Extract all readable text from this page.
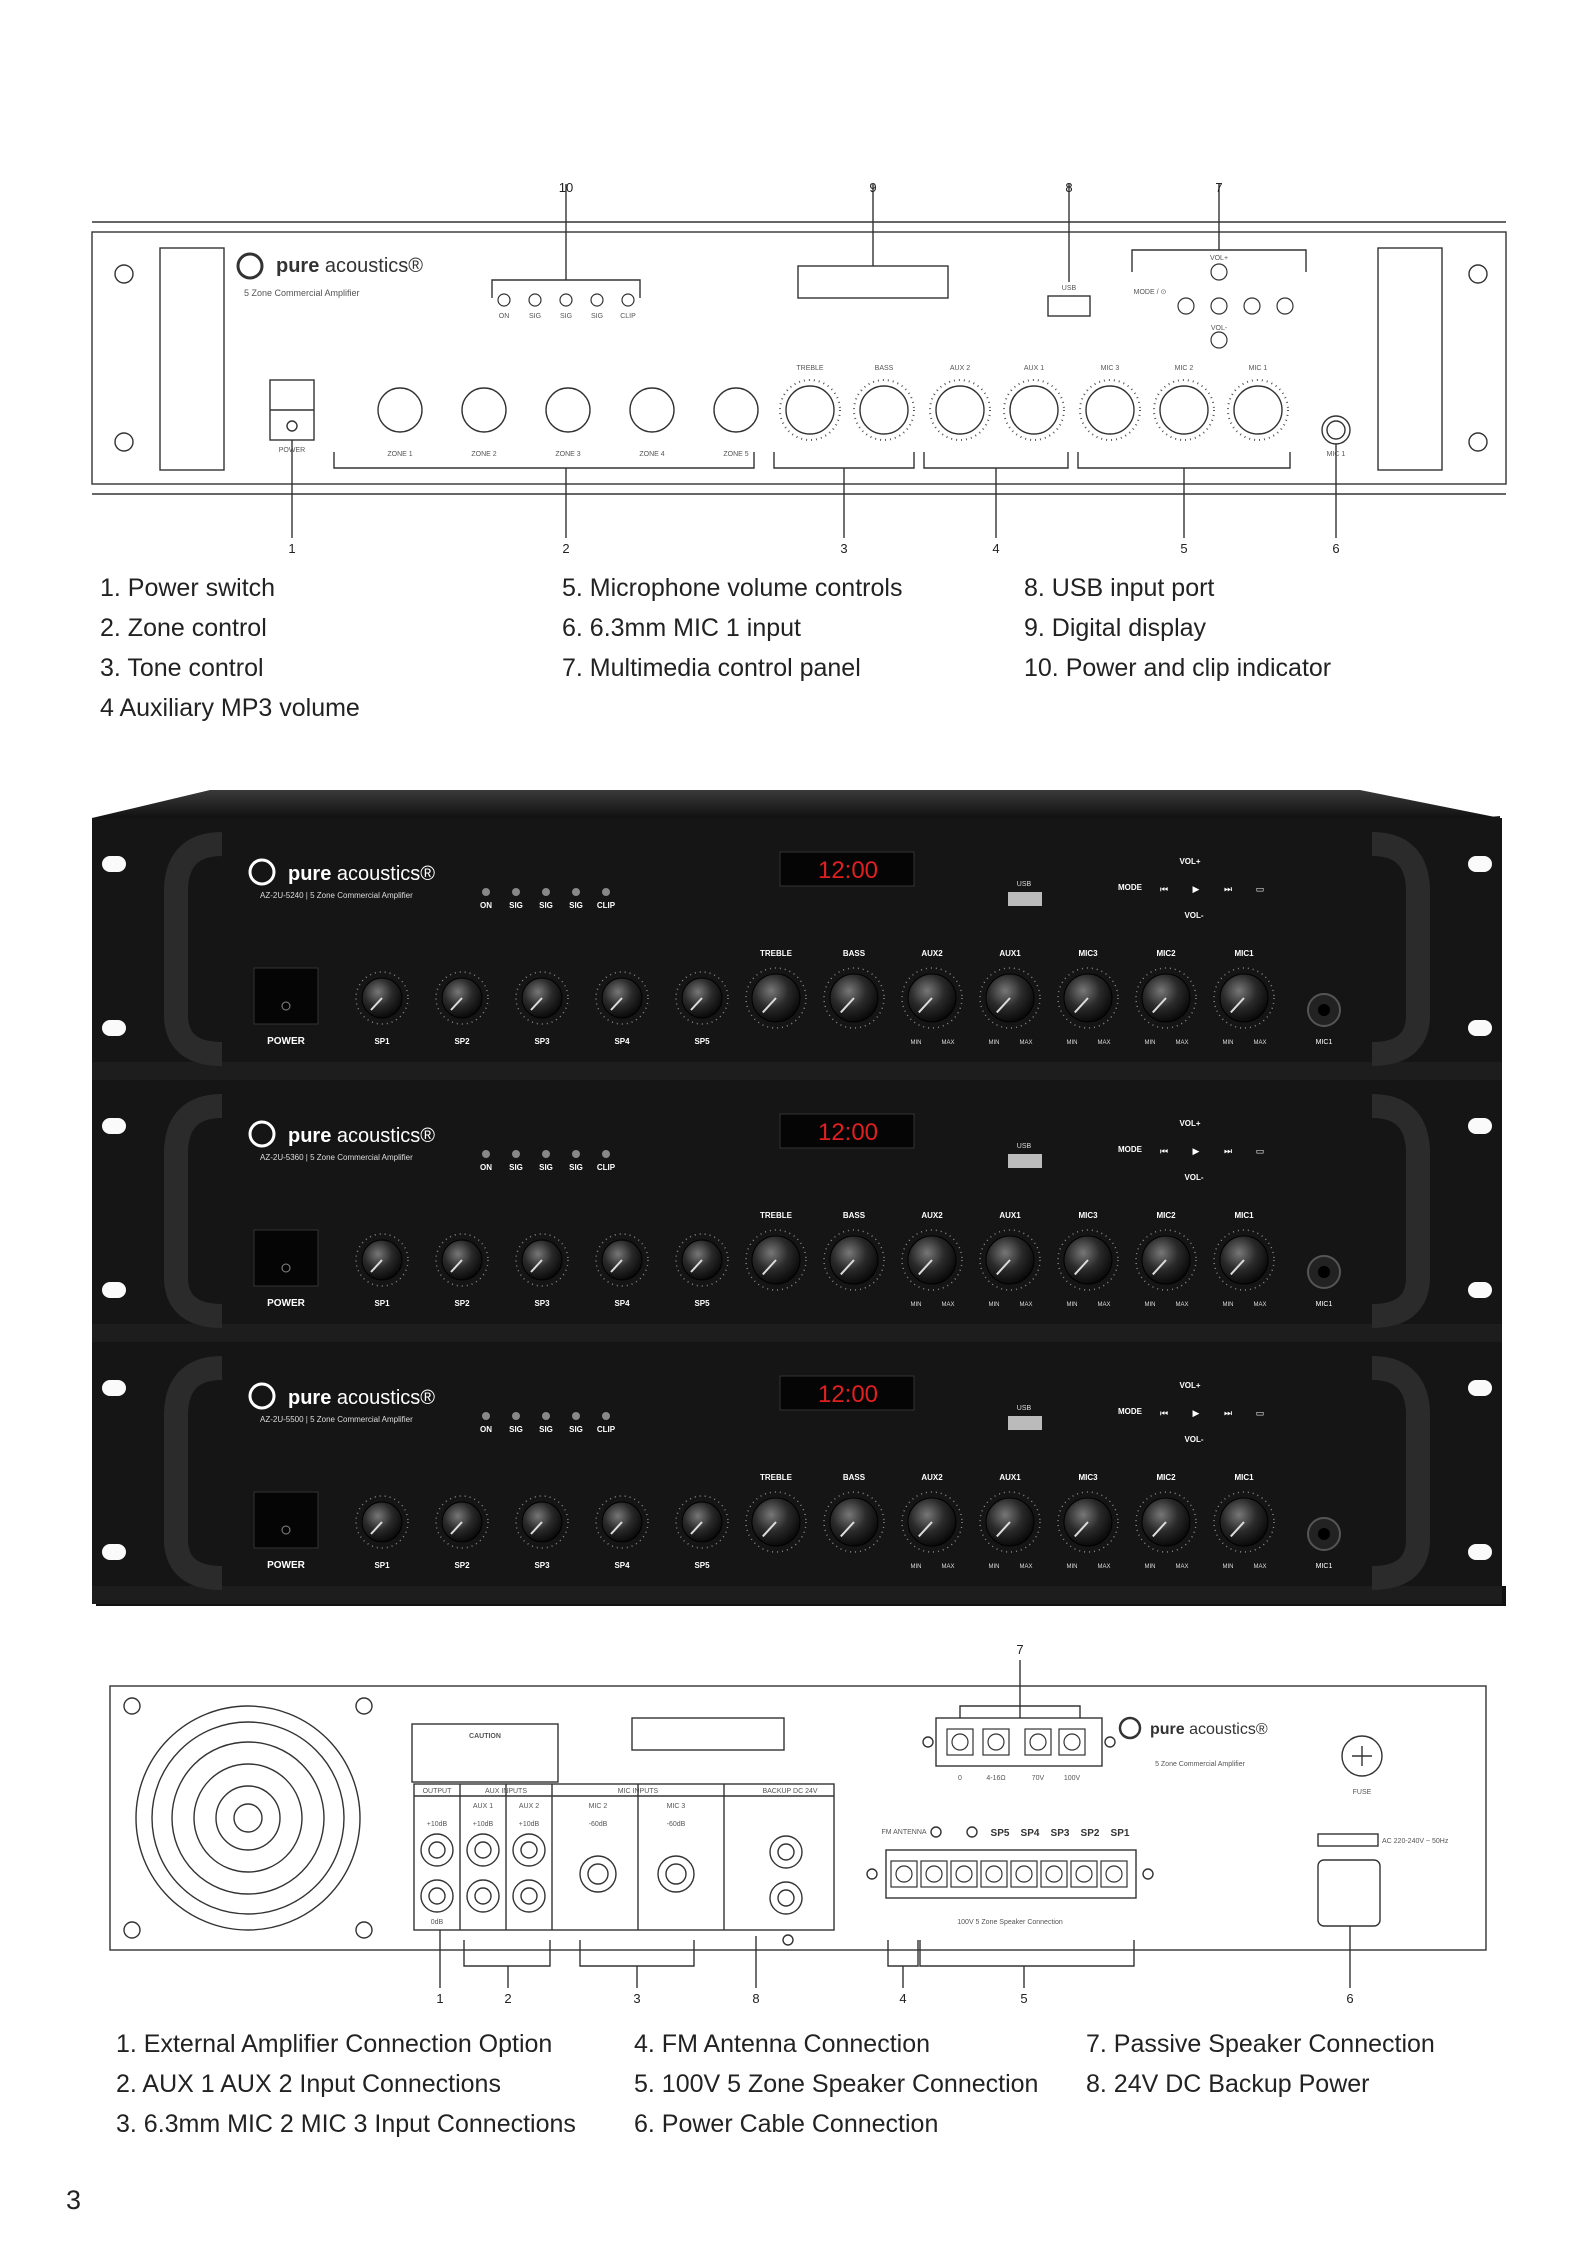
pure acoustics®
5 Zone Commercial Amplifier
10	9	8	7
1	2	3	4	5	6
ON	SIG	SIG	SIG CLIP
USB
MODE / ⊙
VOL+
VOL-
POWER
ZONE 1	ZONE 2	ZONE 3	ZONE 4	ZONE 5
TREBLE	BASS	AUX 2	AUX 1	MIC 3	MIC 2	MIC 1
MIC 1
1. Power switch
2. Zone control
3. Tone control
4 Auxiliary MP3 volume
5. Microphone volume controls
6. 6.3mm MIC 1 input
7. Multimedia control panel
8. USB input port
9. Digital display
10. Power and clip indicator
pure acoustics®
AZ-2U-5240 | 5 Zone Commercial Amplifier
ON SIG SIG SIG CLIP
12:00
USB	MODE
VOL+
VOL-
⏮	▶	⏭	▭
POWER	SP1	SP2	SP3	SP4	SP5
TREBLE	BASS	AUX2
MIN	MAX
AUX1
MIN	MAX
MIC3
MIN	MAX
MIC2
MIN	MAX
MIC1
MIN	MAX	MIC1
pure acoustics®
AZ-2U-5360 | 5 Zone Commercial Amplifier
ON SIG SIG SIG CLIP
12:00
USB	MODE
VOL+
VOL-
⏮	▶	⏭	▭
POWER	SP1	SP2	SP3	SP4	SP5
TREBLE	BASS	AUX2
MIN	MAX
AUX1
MIN	MAX
MIC3
MIN	MAX
MIC2
MIN	MAX
MIC1
MIN	MAX	MIC1
pure acoustics®
AZ-2U-5500 | 5 Zone Commercial Amplifier
ON SIG SIG SIG CLIP
12:00
USB	MODE
VOL+
VOL-
⏮	▶	⏭	▭
POWER	SP1	SP2	SP3	SP4	SP5
TREBLE	BASS	AUX2
MIN	MAX
AUX1
MIN	MAX
MIC3
MIN	MAX
MIC2
MIN	MAX
MIC1
MIN	MAX	MIC1
pure acoustics®
CAUTION
OUTPUT	AUX INPUTS	MIC INPUTS	BACKUP DC 24V
AUX 1	AUX 2	MIC 2	MIC 3
+10dB	+10dB	+10dB	-60dB	-60dB
0dB
0	4-16Ω	70V	100V
FM ANTENNA
100V 5 Zone Speaker Connection
FUSE
AC 220-240V ~ 50Hz
5 Zone Commercial Amplifier
SP5 SP4 SP3 SP2 SP1
7
1	2	3	8	4	5	6
1. External Amplifier Connection Option
2. AUX 1 AUX 2 Input Connections
3. 6.3mm MIC 2 MIC 3 Input Connections
4. FM Antenna Connection
5. 100V 5 Zone Speaker Connection
6. Power Cable Connection
7. Passive Speaker Connection
8. 24V DC Backup Power
3
